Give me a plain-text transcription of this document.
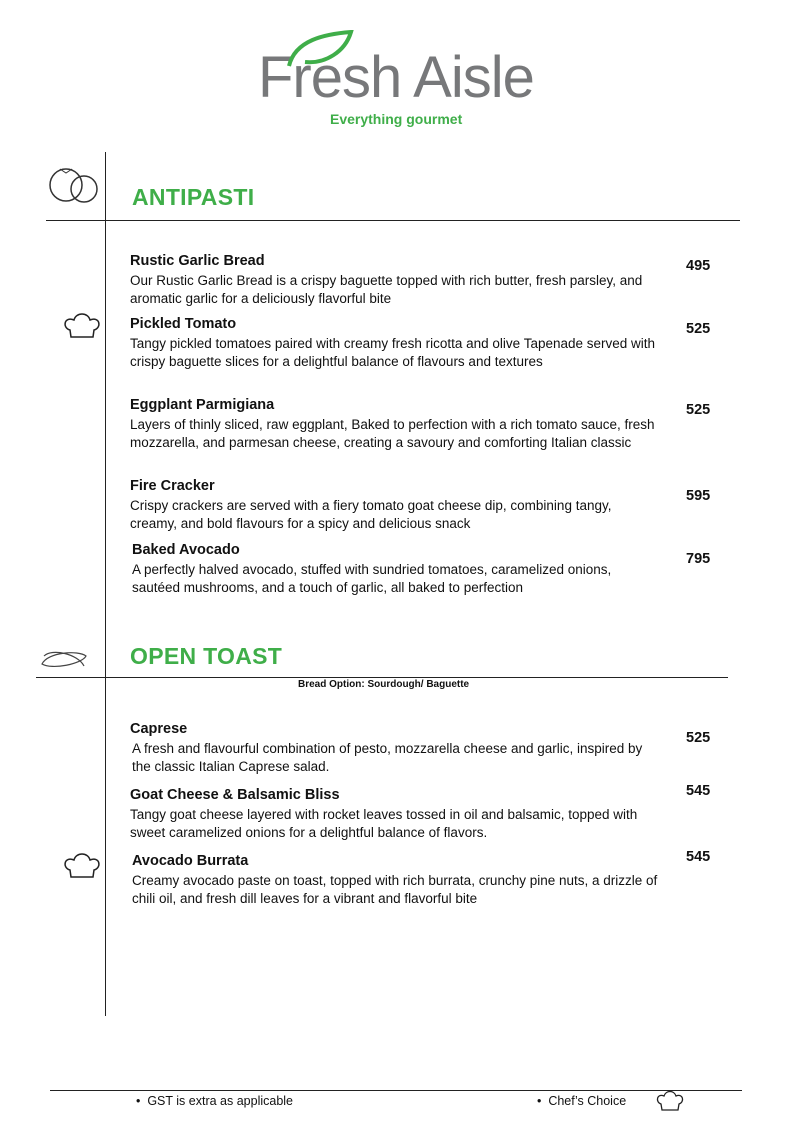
Fresh Aisle
Everything gourmet
ANTIPASTI
Rustic Garlic Bread
Our Rustic Garlic Bread is a crispy baguette topped with rich butter, fresh parsley, and aromatic garlic for a deliciously flavorful bite
495
Pickled Tomato
Tangy pickled tomatoes paired with creamy fresh ricotta and olive Tapenade served with crispy baguette slices for a delightful balance of flavours and textures
525
Eggplant Parmigiana
Layers of thinly sliced, raw eggplant, Baked to perfection with a rich tomato sauce, fresh mozzarella, and parmesan cheese, creating a savoury and comforting Italian classic
525
Fire Cracker
Crispy crackers are served with a fiery tomato goat cheese dip, combining tangy, creamy, and bold flavours for a spicy and delicious snack
595
Baked Avocado
A perfectly halved avocado, stuffed with sundried tomatoes, caramelized onions, sautéed mushrooms, and a touch of garlic, all baked to perfection
795
OPEN TOAST
Bread Option: Sourdough/ Baguette
Caprese
A fresh and flavourful combination of pesto, mozzarella cheese and garlic, inspired by the classic Italian Caprese salad.
525
Goat Cheese & Balsamic Bliss
Tangy goat cheese layered with rocket leaves tossed in oil and balsamic, topped with sweet caramelized onions for a delightful balance of flavors.
545
Avocado Burrata
Creamy avocado paste on toast, topped with rich burrata, crunchy pine nuts, a drizzle of chili oil, and fresh dill leaves for a vibrant and flavorful bite
545
•  GST is extra as applicable	•  Chef’s Choice
